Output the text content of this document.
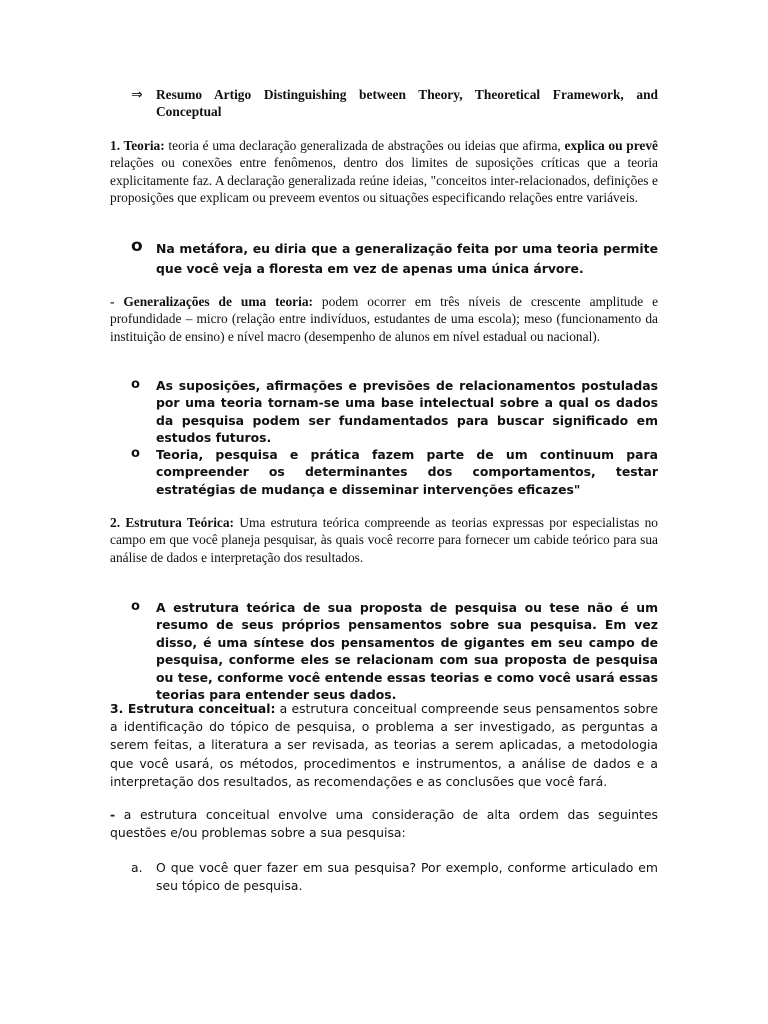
⇒ Resumo Artigo Distinguishing between Theory, Theoretical Framework, and Conceptual
1. Teoria: teoria é uma declaração generalizada de abstrações ou ideias que afirma, explica ou prevê relações ou conexões entre fenômenos, dentro dos limites de suposições críticas que a teoria explicitamente faz. A declaração generalizada reúne ideias, "conceitos inter-relacionados, definições e proposições que explicam ou preveem eventos ou situações especificando relações entre variáveis.
o Na metáfora, eu diria que a generalização feita por uma teoria permite que você veja a floresta em vez de apenas uma única árvore.
- Generalizações de uma teoria: podem ocorrer em três níveis de crescente amplitude e profundidade – micro (relação entre indivíduos, estudantes de uma escola); meso (funcionamento da instituição de ensino) e nível macro (desempenho de alunos em nível estadual ou nacional).
o As suposições, afirmações e previsões de relacionamentos postuladas por uma teoria tornam-se uma base intelectual sobre a qual os dados da pesquisa podem ser fundamentados para buscar significado em estudos futuros.
o Teoria, pesquisa e prática fazem parte de um continuum para compreender os determinantes dos comportamentos, testar estratégias de mudança e disseminar intervenções eficazes"
2. Estrutura Teórica: Uma estrutura teórica compreende as teorias expressas por especialistas no campo em que você planeja pesquisar, às quais você recorre para fornecer um cabide teórico para sua análise de dados e interpretação dos resultados.
o A estrutura teórica de sua proposta de pesquisa ou tese não é um resumo de seus próprios pensamentos sobre sua pesquisa. Em vez disso, é uma síntese dos pensamentos de gigantes em seu campo de pesquisa, conforme eles se relacionam com sua proposta de pesquisa ou tese, conforme você entende essas teorias e como você usará essas teorias para entender seus dados.
3. Estrutura conceitual: a estrutura conceitual compreende seus pensamentos sobre a identificação do tópico de pesquisa, o problema a ser investigado, as perguntas a serem feitas, a literatura a ser revisada, as teorias a serem aplicadas, a metodologia que você usará, os métodos, procedimentos e instrumentos, a análise de dados e a interpretação dos resultados, as recomendações e as conclusões que você fará.
- a estrutura conceitual envolve uma consideração de alta ordem das seguintes questões e/ou problemas sobre a sua pesquisa:
a. O que você quer fazer em sua pesquisa? Por exemplo, conforme articulado em seu tópico de pesquisa.
